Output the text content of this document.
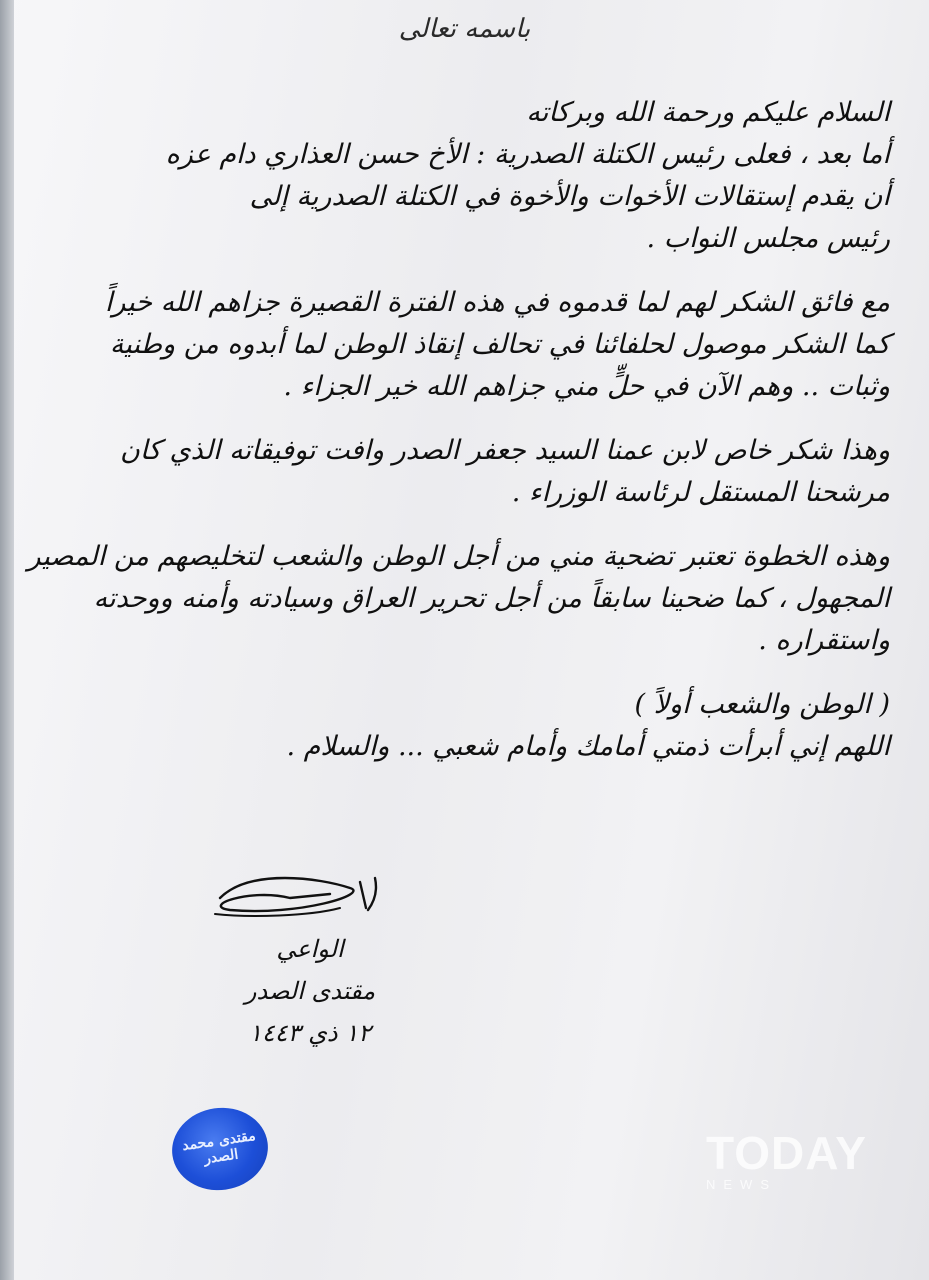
باسمه تعالى
السلام عليكم ورحمة الله وبركاته
أما بعد ، فعلى رئيس الكتلة الصدرية : الأخ حسن العذاري دام عزه
أن يقدم إستقالات الأخوات والأخوة في الكتلة الصدرية إلى
رئيس مجلس النواب .
مع فائق الشكر لهم لما قدموه في هذه الفترة القصيرة جزاهم الله خيراً
كما الشكر موصول لحلفائنا في تحالف إنقاذ الوطن لما أبدوه من وطنية
وثبات .. وهم الآن في حلٍّ مني جزاهم الله خير الجزاء .
وهذا شكر خاص لابن عمنا السيد جعفر الصدر وافت توفيقاته الذي كان
مرشحنا المستقل لرئاسة الوزراء .
وهذه الخطوة تعتبر تضحية مني من أجل الوطن والشعب لتخليصهم من المصير
المجهول ، كما ضحينا سابقاً من أجل تحرير العراق وسيادته وأمنه ووحدته
واستقراره .
( الوطن والشعب أولاً )
اللهم إني أبرأت ذمتي أمامك وأمام شعبي ... والسلام .
الواعي
مقتدى الصدر
١٢ ذي ١٤٤٣
مقتدى محمد الصدر	TODAY
NEWS
